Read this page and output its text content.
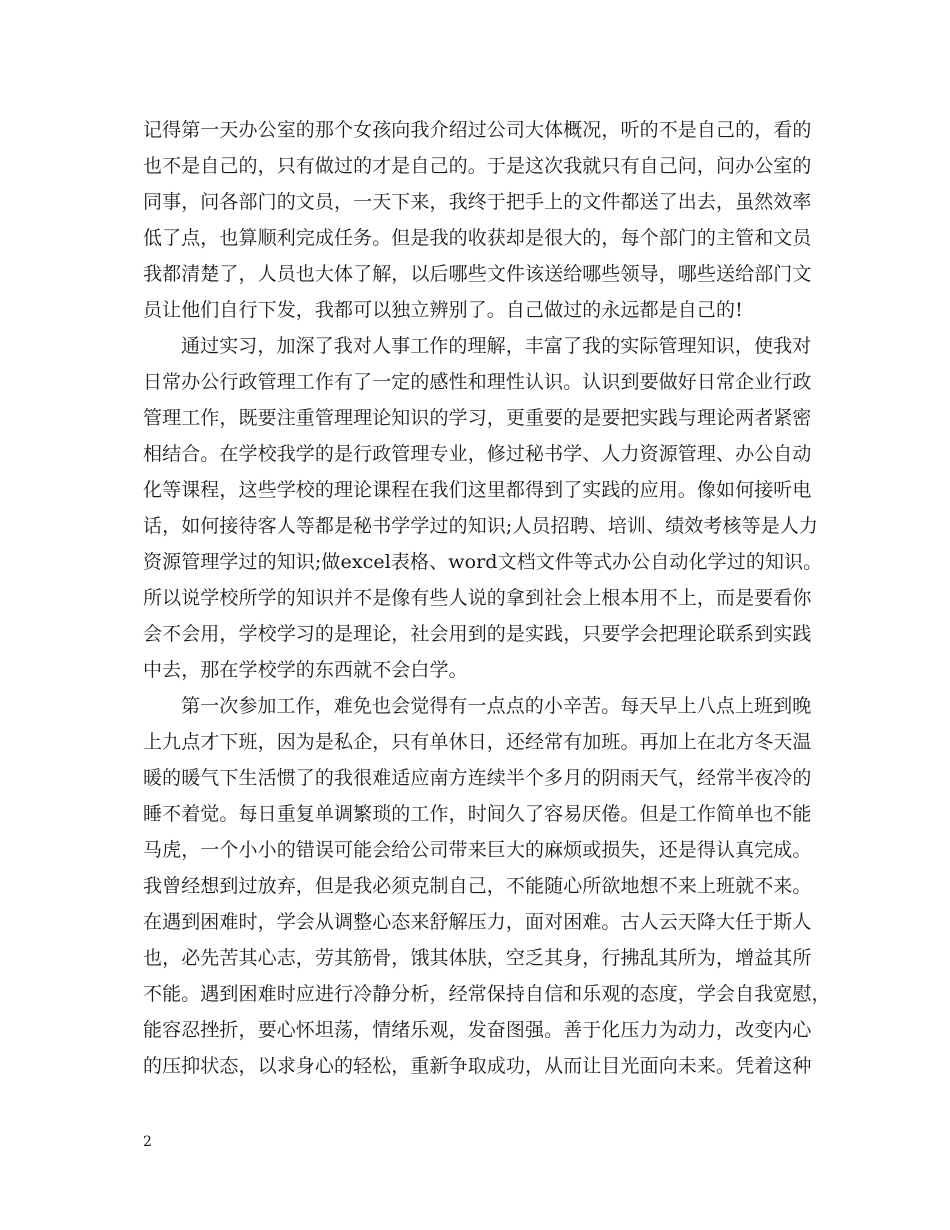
记得第一天办公室的那个女孩向我介绍过公司大体概况，听的不是自己的，看的
也不是自己的，只有做过的才是自己的。于是这次我就只有自己问，问办公室的
同事，问各部门的文员，一天下来，我终于把手上的文件都送了出去，虽然效率
低了点，也算顺利完成任务。但是我的收获却是很大的，每个部门的主管和文员
我都清楚了，人员也大体了解，以后哪些文件该送给哪些领导，哪些送给部门文
员让他们自行下发，我都可以独立辨别了。自己做过的永远都是自己的!
通过实习，加深了我对人事工作的理解，丰富了我的实际管理知识，使我对
日常办公行政管理工作有了一定的感性和理性认识。认识到要做好日常企业行政
管理工作，既要注重管理理论知识的学习，更重要的是要把实践与理论两者紧密
相结合。在学校我学的是行政管理专业，修过秘书学、人力资源管理、办公自动
化等课程，这些学校的理论课程在我们这里都得到了实践的应用。像如何接听电
话，如何接待客人等都是秘书学学过的知识;人员招聘、培训、绩效考核等是人力
资源管理学过的知识;做excel表格、word文档文件等式办公自动化学过的知识。
所以说学校所学的知识并不是像有些人说的拿到社会上根本用不上，而是要看你
会不会用，学校学习的是理论，社会用到的是实践，只要学会把理论联系到实践
中去，那在学校学的东西就不会白学。
第一次参加工作，难免也会觉得有一点点的小辛苦。每天早上八点上班到晚
上九点才下班，因为是私企，只有单休日，还经常有加班。再加上在北方冬天温
暖的暖气下生活惯了的我很难适应南方连续半个多月的阴雨天气，经常半夜冷的
睡不着觉。每日重复单调繁琐的工作，时间久了容易厌倦。但是工作简单也不能
马虎，一个小小的错误可能会给公司带来巨大的麻烦或损失，还是得认真完成。
我曾经想到过放弃，但是我必须克制自己，不能随心所欲地想不来上班就不来。
在遇到困难时，学会从调整心态来舒解压力，面对困难。古人云天降大任于斯人
也，必先苦其心志，劳其筋骨，饿其体肤，空乏其身，行拂乱其所为，增益其所
不能。遇到困难时应进行冷静分析，经常保持自信和乐观的态度，学会自我宽慰，
能容忍挫折，要心怀坦荡，情绪乐观，发奋图强。善于化压力为动力，改变内心
的压抑状态，以求身心的轻松，重新争取成功，从而让目光面向未来。凭着这种
2
